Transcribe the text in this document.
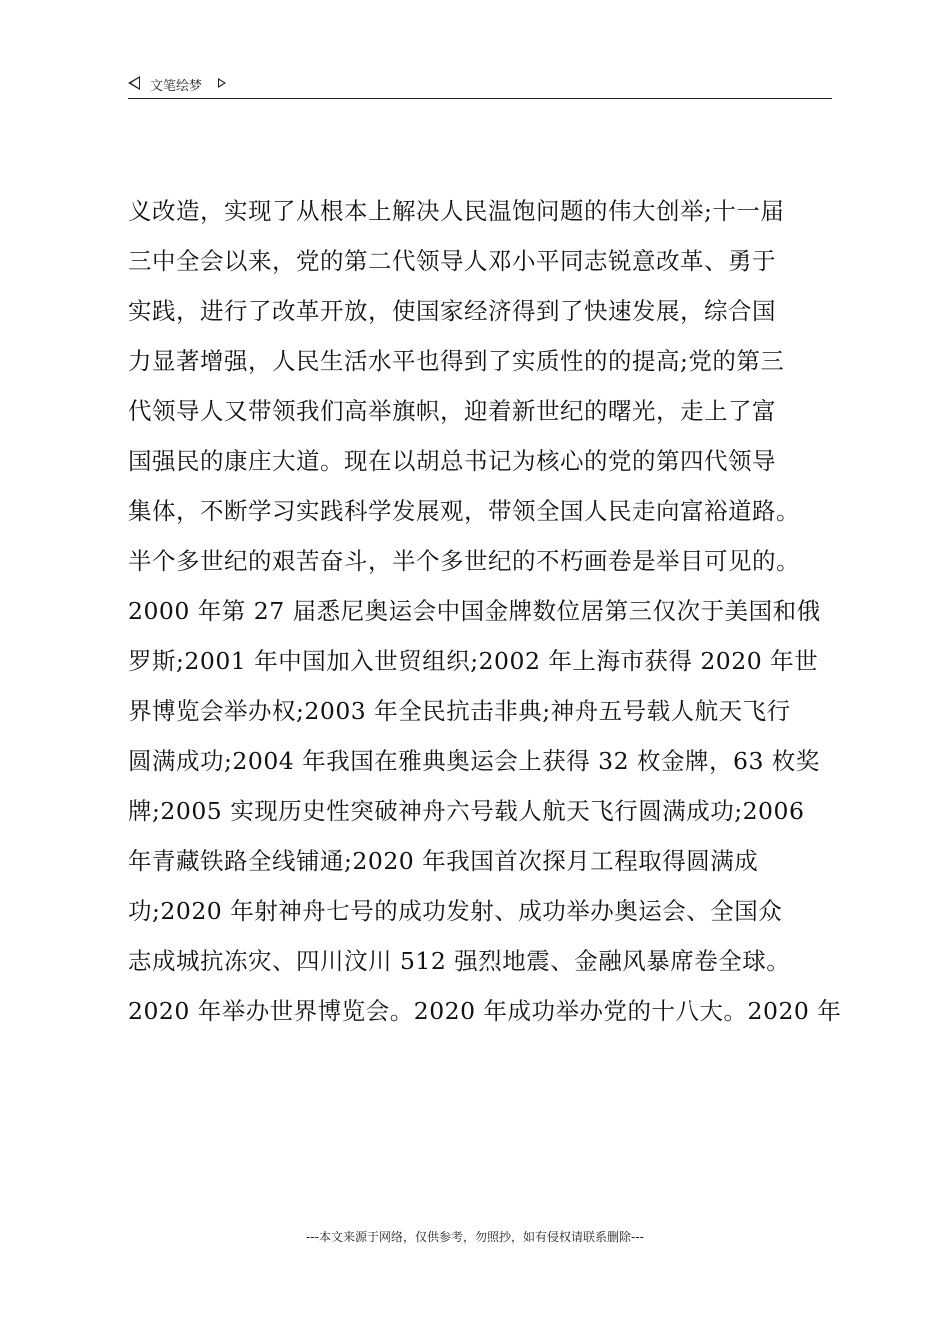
文笔绘梦
义改造，实现了从根本上解决人民温饱问题的伟大创举;十一届
三中全会以来，党的第二代领导人邓小平同志锐意改革、勇于
实践，进行了改革开放，使国家经济得到了快速发展，综合国
力显著增强，人民生活水平也得到了实质性的的提高;党的第三
代领导人又带领我们高举旗帜，迎着新世纪的曙光，走上了富
国强民的康庄大道。现在以胡总书记为核心的党的第四代领导
集体，不断学习实践科学发展观，带领全国人民走向富裕道路。
半个多世纪的艰苦奋斗，半个多世纪的不朽画卷是举目可见的。
2000 年第 27 届悉尼奥运会中国金牌数位居第三仅次于美国和俄
罗斯;2001 年中国加入世贸组织;2002 年上海市获得 2020 年世
界博览会举办权;2003 年全民抗击非典;神舟五号载人航天飞行
圆满成功;2004 年我国在雅典奥运会上获得 32 枚金牌，63 枚奖
牌;2005 实现历史性突破神舟六号载人航天飞行圆满成功;2006
年青藏铁路全线铺通;2020 年我国首次探月工程取得圆满成
功;2020 年射神舟七号的成功发射、成功举办奥运会、全国众
志成城抗冻灾、四川汶川 512 强烈地震、金融风暴席卷全球。
2020 年举办世界博览会。2020 年成功举办党的十八大。2020 年
---本文来源于网络，仅供参考，勿照抄，如有侵权请联系删除---
